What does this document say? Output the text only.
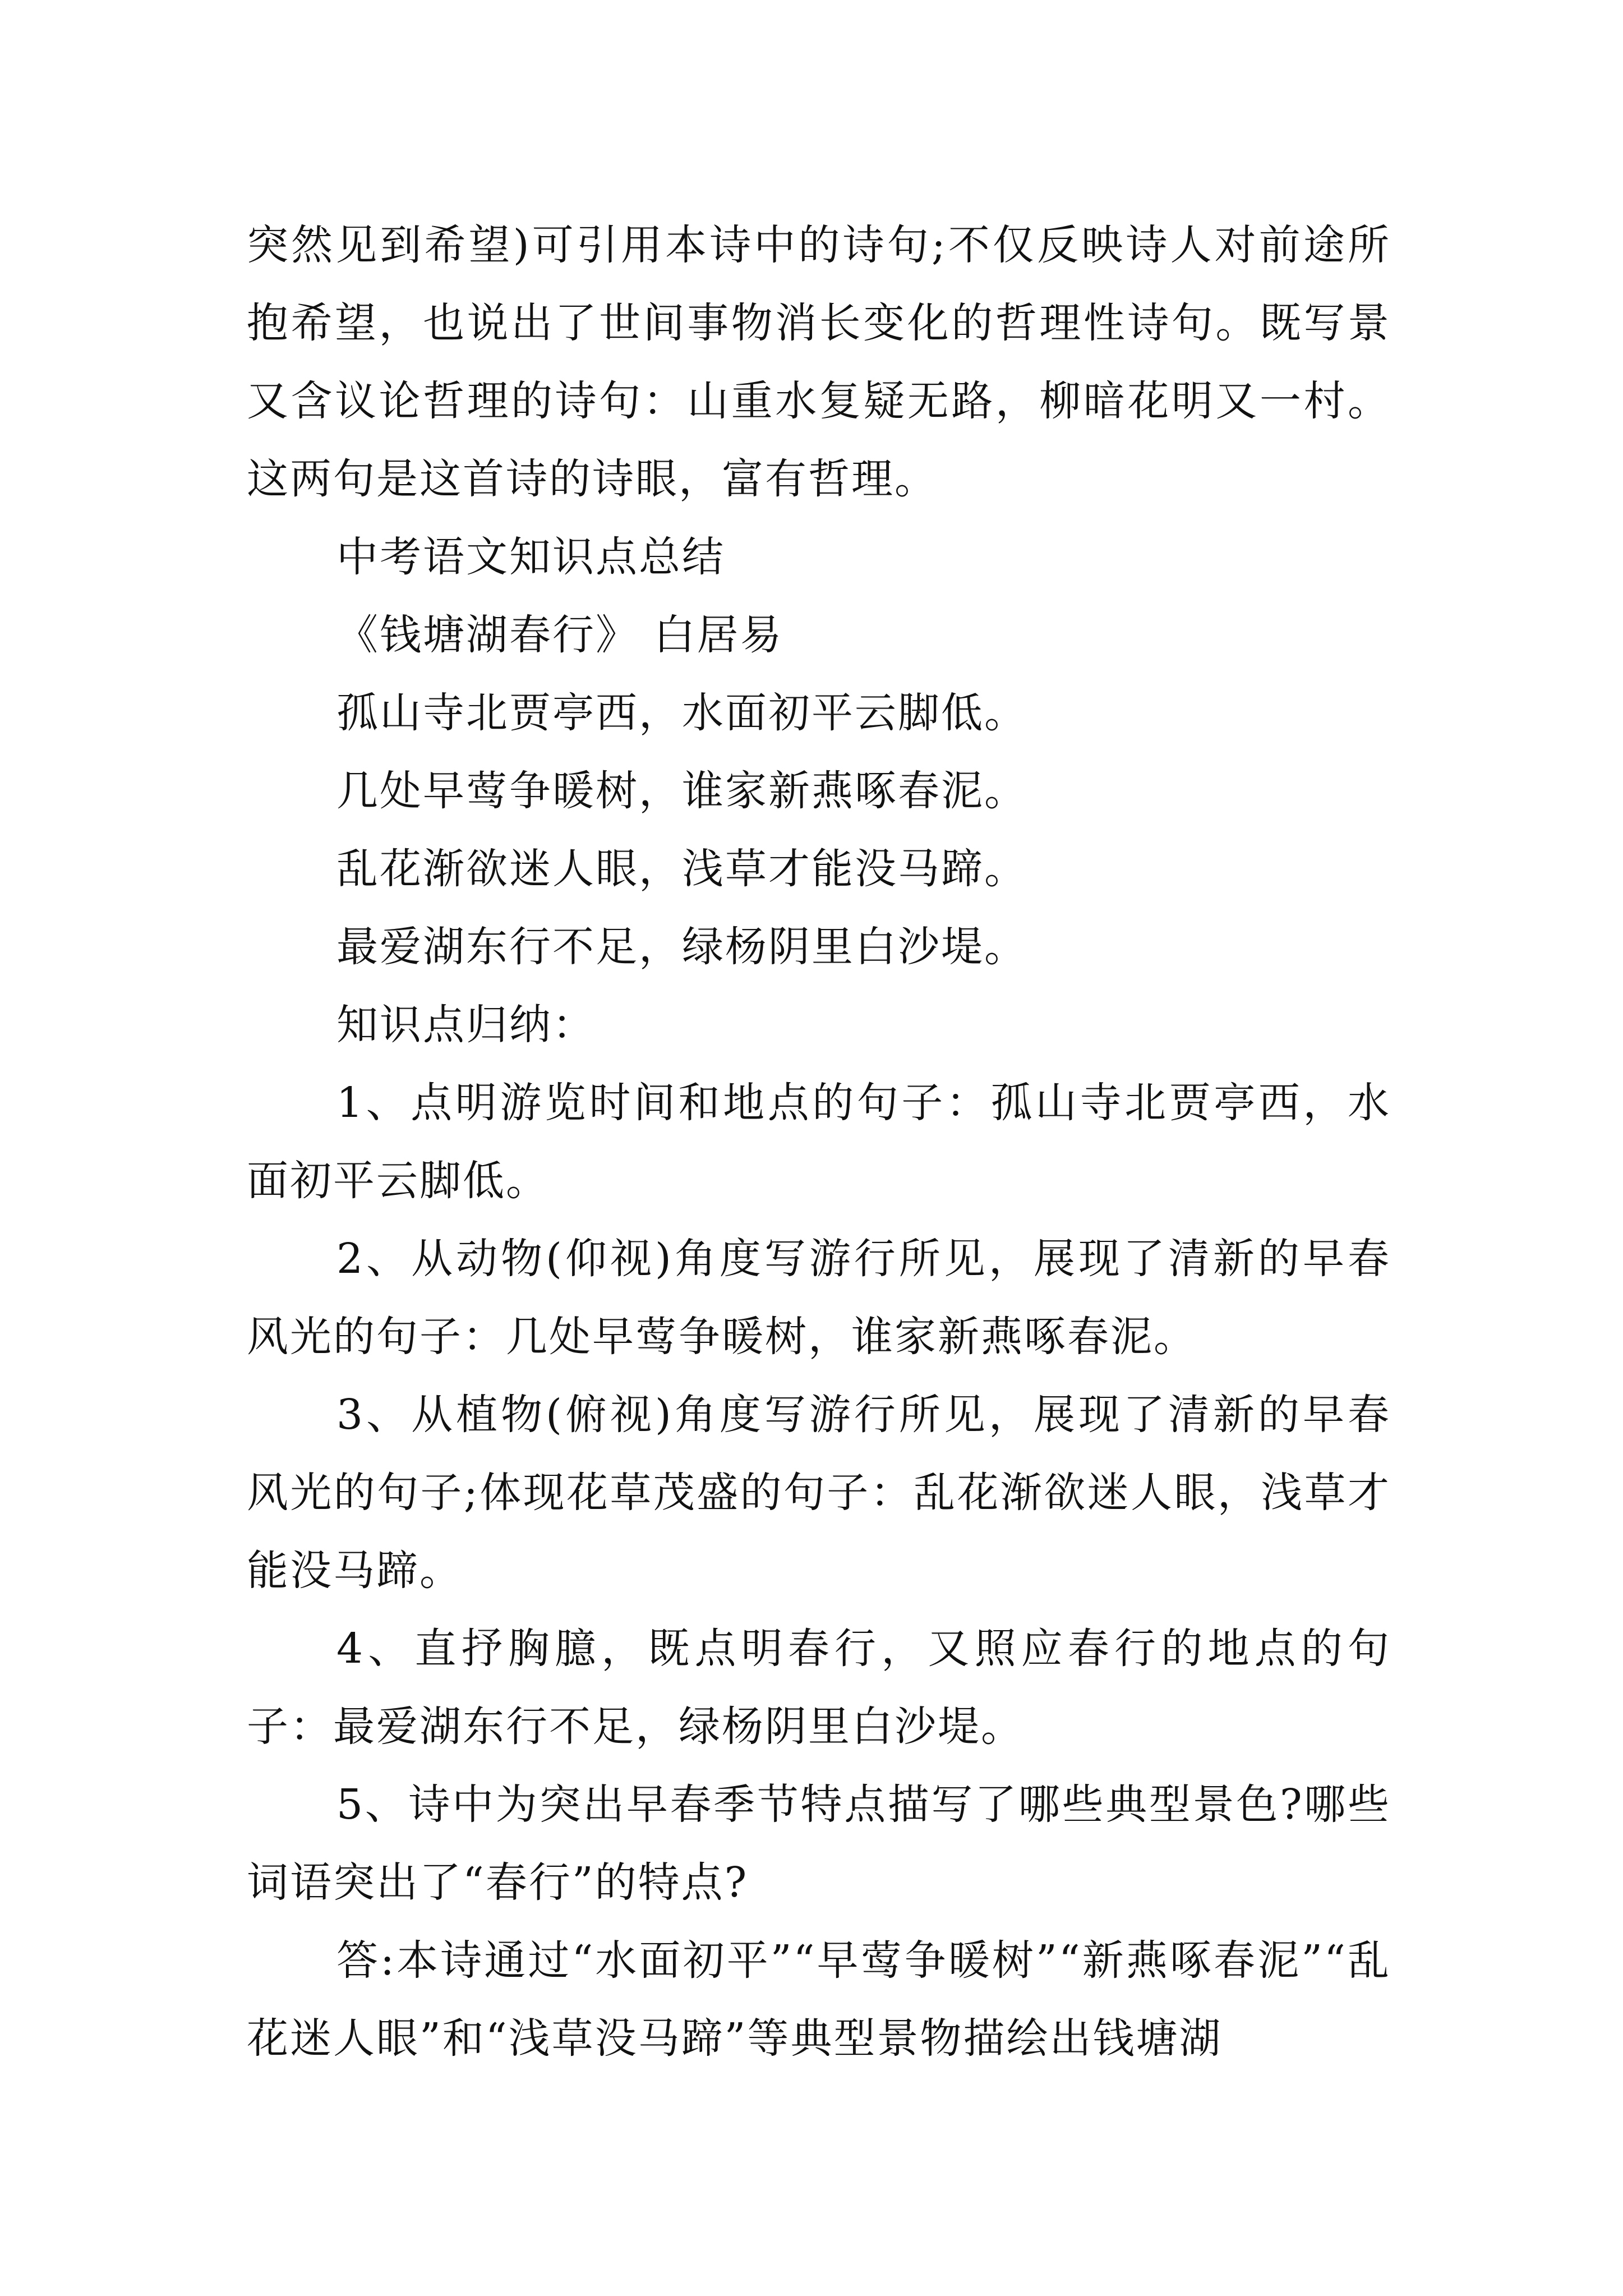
突然见到希望)可引用本诗中的诗句;不仅反映诗人对前途所抱希望，也说出了世间事物消长变化的哲理性诗句。既写景又含议论哲理的诗句：山重水复疑无路，柳暗花明又一村。这两句是这首诗的诗眼，富有哲理。

中考语文知识点总结

《钱塘湖春行》 白居易

孤山寺北贾亭西，水面初平云脚低。

几处早莺争暖树，谁家新燕啄春泥。

乱花渐欲迷人眼，浅草才能没马蹄。

最爱湖东行不足，绿杨阴里白沙堤。

知识点归纳：

1、点明游览时间和地点的句子：孤山寺北贾亭西，水面初平云脚低。

2、从动物(仰视)角度写游行所见，展现了清新的早春风光的句子：几处早莺争暖树，谁家新燕啄春泥。

3、从植物(俯视)角度写游行所见，展现了清新的早春风光的句子;体现花草茂盛的句子：乱花渐欲迷人眼，浅草才能没马蹄。

4、直抒胸臆，既点明春行，又照应春行的地点的句子：最爱湖东行不足，绿杨阴里白沙堤。

5、诗中为突出早春季节特点描写了哪些典型景色?哪些词语突出了“春行”的特点?

答:本诗通过“水面初平”“早莺争暖树”“新燕啄春泥”“乱花迷人眼”和“浅草没马蹄”等典型景物描绘出钱塘湖
